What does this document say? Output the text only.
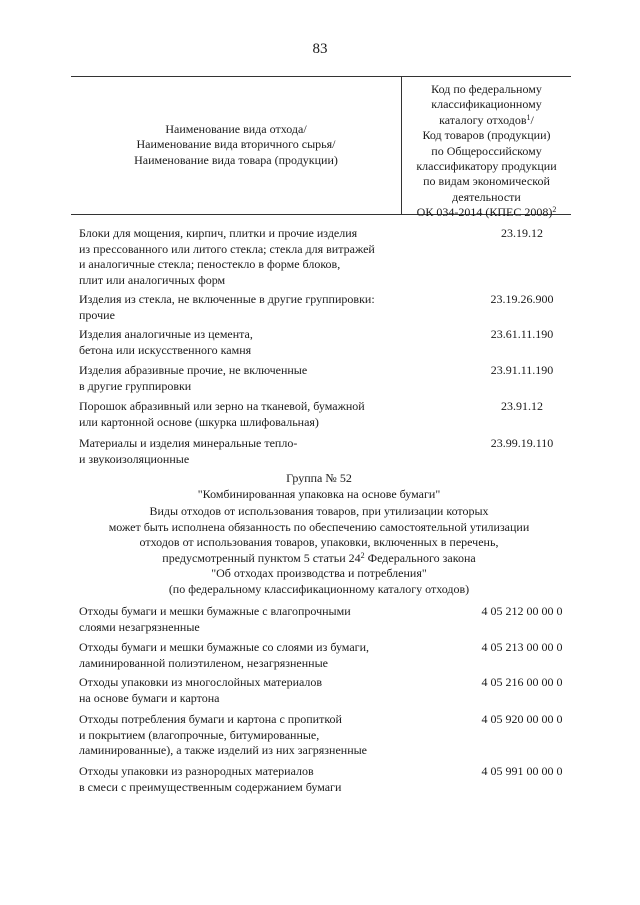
83
Наименование вида отхода/
Наименование вида вторичного сырья/
Наименование вида товара (продукции)
Код по федеральному
классификационному
каталогу отходов$^1$/
Код товаров (продукции)
по Общероссийскому
классификатору продукции
по видам экономической
деятельности
ОК 034-2014 (КПЕС 2008)$^2$
Блоки для мощения, кирпич, плитки и прочие изделия
из прессованного или литого стекла; стекла для витражей
и аналогичные стекла; пеностекло в форме блоков,
плит или аналогичных форм
23.19.12
Изделия из стекла, не включенные в другие группировки:
прочие
23.19.26.900
Изделия аналогичные из цемента,
бетона или искусственного камня
23.61.11.190
Изделия абразивные прочие, не включенные
в другие группировки
23.91.11.190
Порошок абразивный или зерно на тканевой, бумажной
или картонной основе (шкурка шлифовальная)
23.91.12
Материалы и изделия минеральные тепло-
и звукоизоляционные
23.99.19.110
Группа № 52
"Комбинированная упаковка на основе бумаги"
Виды отходов от использования товаров, при утилизации которых
может быть исполнена обязанность по обеспечению самостоятельной утилизации
отходов от использования товаров, упаковки, включенных в перечень,
предусмотренный пунктом 5 статьи $24^2$ Федерального закона
"Об отходах производства и потребления"
(по федеральному классификационному каталогу отходов)
Отходы бумаги и мешки бумажные с влагопрочными
слоями незагрязненные
4 05 212 00 00 0
Отходы бумаги и мешки бумажные со слоями из бумаги,
ламинированной полиэтиленом, незагрязненные
4 05 213 00 00 0
Отходы упаковки из многослойных материалов
на основе бумаги и картона
4 05 216 00 00 0
Отходы потребления бумаги и картона с пропиткой
и покрытием (влагопрочные, битумированные,
ламинированные), а также изделий из них загрязненные
4 05 920 00 00 0
Отходы упаковки из разнородных материалов
в смеси с преимущественным содержанием бумаги
4 05 991 00 00 0
